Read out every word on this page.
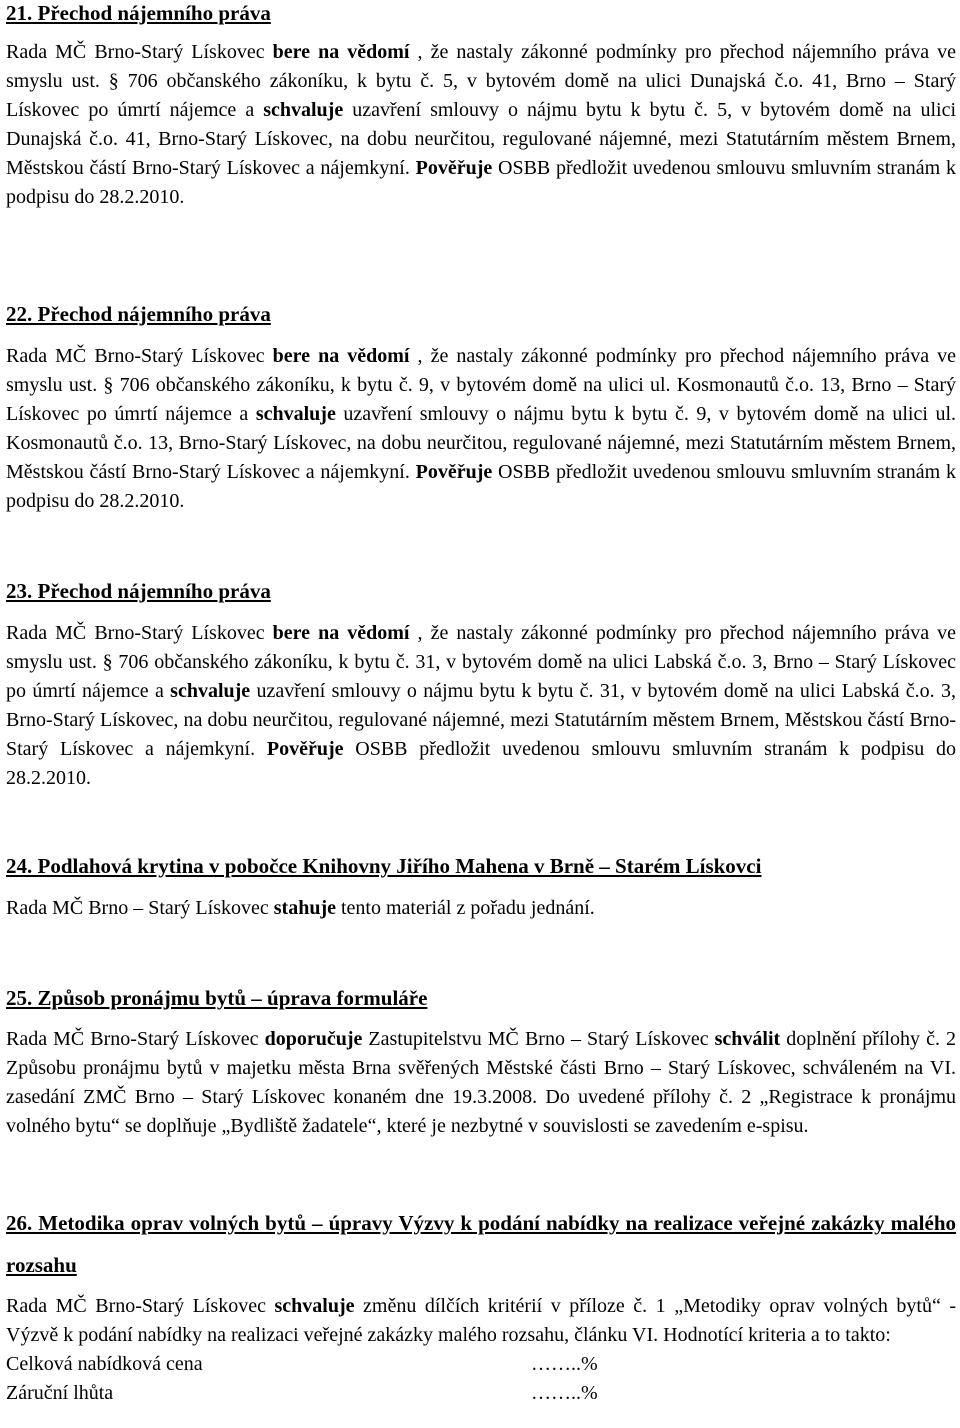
21. Přechod nájemního práva

Rada MČ Brno-Starý Lískovec bere na vědomí , že nastaly zákonné podmínky pro přechod nájemního práva ve smyslu ust. § 706 občanského zákoníku, k bytu č. 5, v bytovém domě na ulici Dunajská č.o. 41, Brno – Starý Lískovec po úmrtí nájemce a schvaluje uzavření smlouvy o nájmu bytu k bytu č. 5, v bytovém domě na ulici Dunajská č.o. 41, Brno-Starý Lískovec, na dobu neurčitou, regulované nájemné, mezi Statutárním městem Brnem, Městskou částí Brno-Starý Lískovec a nájemkyní. Pověřuje OSBB předložit uvedenou smlouvu smluvním stranám k podpisu do 28.2.2010.

22. Přechod nájemního práva

Rada MČ Brno-Starý Lískovec bere na vědomí , že nastaly zákonné podmínky pro přechod nájemního práva ve smyslu ust. § 706 občanského zákoníku, k bytu č. 9, v bytovém domě na ulici ul. Kosmonautů č.o. 13, Brno – Starý Lískovec po úmrtí nájemce a schvaluje uzavření smlouvy o nájmu bytu k bytu č. 9, v bytovém domě na ulici ul. Kosmonautů č.o. 13, Brno-Starý Lískovec, na dobu neurčitou, regulované nájemné, mezi Statutárním městem Brnem, Městskou částí Brno-Starý Lískovec a nájemkyní. Pověřuje OSBB předložit uvedenou smlouvu smluvním stranám k podpisu do 28.2.2010.

23. Přechod nájemního práva

Rada MČ Brno-Starý Lískovec bere na vědomí , že nastaly zákonné podmínky pro přechod nájemního práva ve smyslu ust. § 706 občanského zákoníku, k bytu č. 31, v bytovém domě na ulici Labská č.o. 3, Brno – Starý Lískovec po úmrtí nájemce a schvaluje uzavření smlouvy o nájmu bytu k bytu č. 31, v bytovém domě na ulici Labská č.o. 3, Brno-Starý Lískovec, na dobu neurčitou, regulované nájemné, mezi Statutárním městem Brnem, Městskou částí Brno-Starý Lískovec a nájemkyní. Pověřuje OSBB předložit uvedenou smlouvu smluvním stranám k podpisu do 28.2.2010.

24. Podlahová krytina v pobočce Knihovny Jiřího Mahena v Brně – Starém Lískovci

Rada MČ Brno – Starý Lískovec stahuje tento materiál z pořadu jednání.

25. Způsob pronájmu bytů – úprava formuláře

Rada MČ Brno-Starý Lískovec doporučuje Zastupitelstvu MČ Brno – Starý Lískovec schválit doplnění přílohy č. 2 Způsobu pronájmu bytů v majetku města Brna svěřených Městské části Brno – Starý Lískovec, schváleném na VI. zasedání ZMČ Brno – Starý Lískovec konaném dne 19.3.2008. Do uvedené přílohy č. 2 „Registrace k pronájmu volného bytu“ se doplňuje „Bydliště žadatele“, které je nezbytné v souvislosti se zavedením e-spisu.

26. Metodika oprav volných bytů – úpravy Výzvy k podání nabídky na realizace veřejné zakázky malého rozsahu

Rada MČ Brno-Starý Lískovec schvaluje změnu dílčích kritérií v příloze č. 1 „Metodiky oprav volných bytů“ - Výzvě k podání nabídky na realizaci veřejné zakázky malého rozsahu, článku VI. Hodnotící kriteria a to takto:

Celková nabídková cena	……..%
Záruční lhůta	……..%
